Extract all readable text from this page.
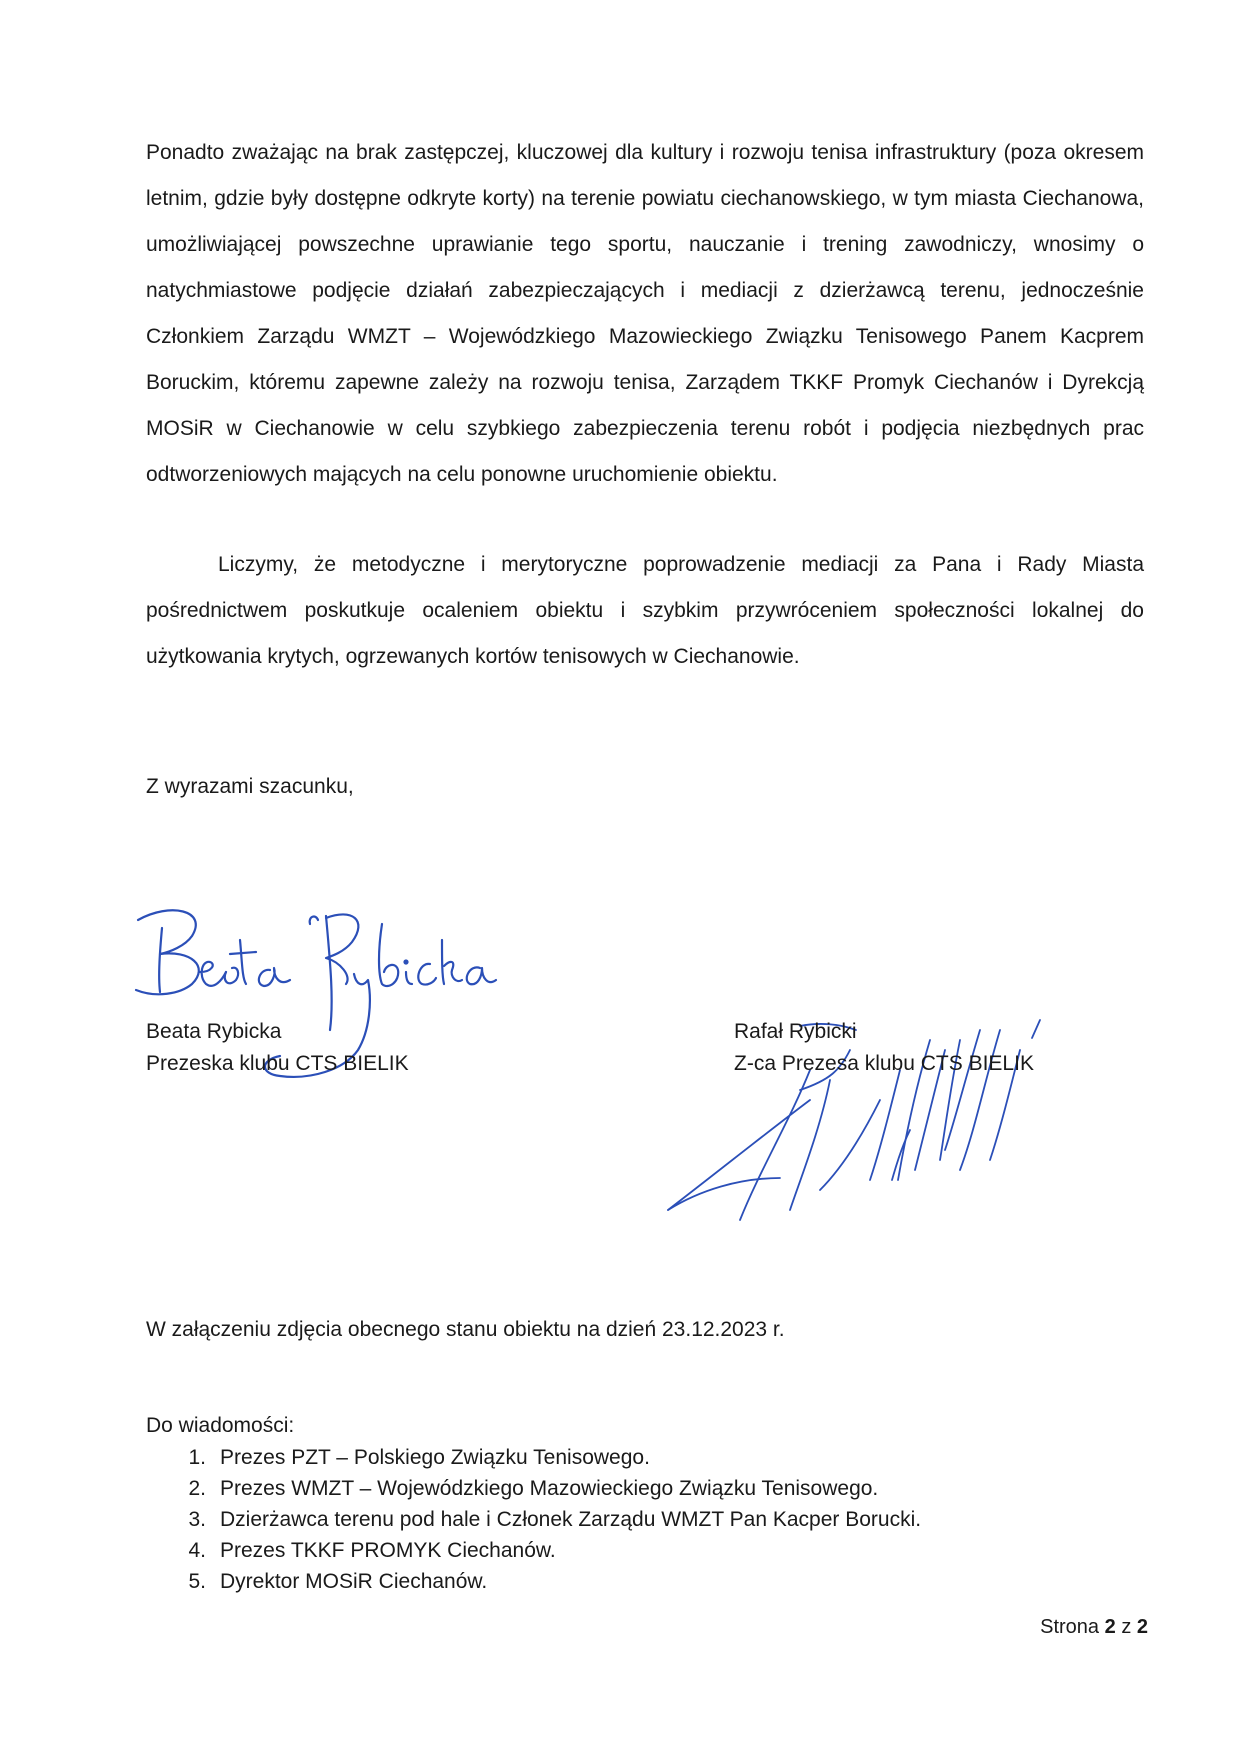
Ponadto zważając na brak zastępczej, kluczowej dla kultury i rozwoju tenisa infrastruktury (poza okresem letnim, gdzie były dostępne odkryte korty) na terenie powiatu ciechanowskiego, w tym miasta Ciechanowa, umożliwiającej powszechne uprawianie tego sportu, nauczanie i trening zawodniczy, wnosimy o natychmiastowe podjęcie działań zabezpieczających i mediacji z dzierżawcą terenu, jednocześnie Członkiem Zarządu WMZT – Wojewódzkiego Mazowieckiego Związku Tenisowego Panem Kacprem Boruckim, któremu zapewne zależy na rozwoju tenisa, Zarządem TKKF Promyk Ciechanów i Dyrekcją MOSiR w Ciechanowie w celu szybkiego zabezpieczenia terenu robót i podjęcia niezbędnych prac odtworzeniowych mających na celu ponowne uruchomienie obiektu.

Liczymy, że metodyczne i merytoryczne poprowadzenie mediacji za Pana i Rady Miasta pośrednictwem poskutkuje ocaleniem obiektu i szybkim przywróceniem społeczności lokalnej do użytkowania krytych, ogrzewanych kortów tenisowych w Ciechanowie.

Z wyrazami szacunku,

Beata Rybicka
Prezeska klubu CTS BIELIK
Rafał Rybicki
Z-ca Prezesa klubu CTS BIELIK

W załączeniu zdjęcia obecnego stanu obiektu na dzień 23.12.2023 r.

Do wiadomości:

1. Prezes PZT – Polskiego Związku Tenisowego.
2. Prezes WMZT – Wojewódzkiego Mazowieckiego Związku Tenisowego.
3. Dzierżawca terenu pod hale i Członek Zarządu WMZT Pan Kacper Borucki.
4. Prezes TKKF PROMYK Ciechanów.
5. Dyrektor MOSiR Ciechanów.
Strona 2 z 2
